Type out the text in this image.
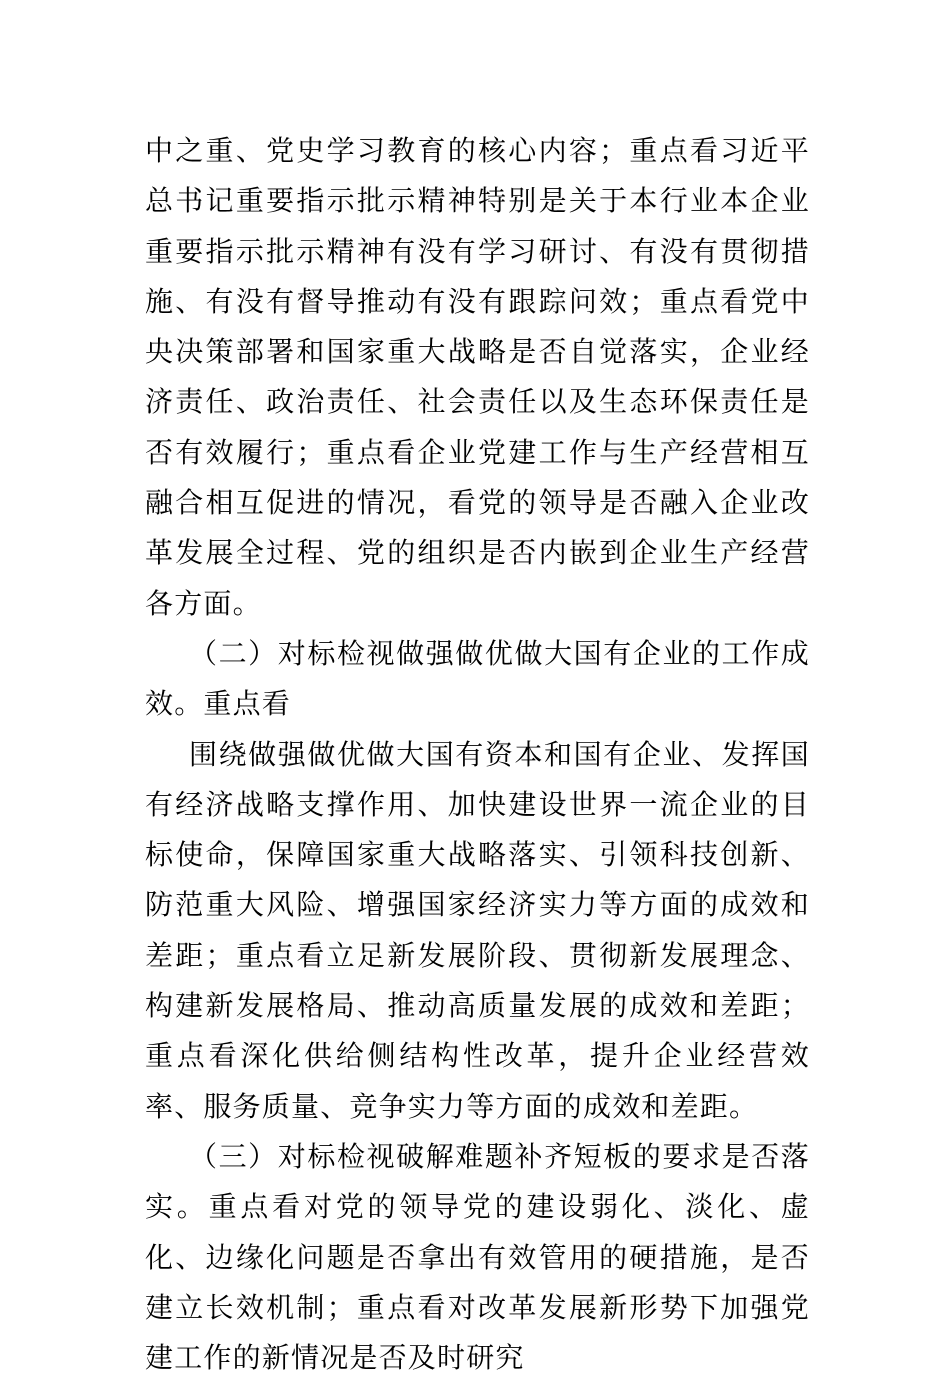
中之重、党史学习教育的核心内容；重点看习近平总书记重要指示批示精神特别是关于本行业本企业重要指示批示精神有没有学习研讨、有没有贯彻措施、有没有督导推动有没有跟踪问效；重点看党中央决策部署和国家重大战略是否自觉落实，企业经济责任、政治责任、社会责任以及生态环保责任是否有效履行；重点看企业党建工作与生产经营相互融合相互促进的情况，看党的领导是否融入企业改革发展全过程、党的组织是否内嵌到企业生产经营各方面。

（二）对标检视做强做优做大国有企业的工作成效。重点看

围绕做强做优做大国有资本和国有企业、发挥国有经济战略支撑作用、加快建设世界一流企业的目标使命，保障国家重大战略落实、引领科技创新、防范重大风险、增强国家经济实力等方面的成效和差距；重点看立足新发展阶段、贯彻新发展理念、构建新发展格局、推动高质量发展的成效和差距；重点看深化供给侧结构性改革，提升企业经营效率、服务质量、竞争实力等方面的成效和差距。

（三）对标检视破解难题补齐短板的要求是否落实。重点看对党的领导党的建设弱化、淡化、虚化、边缘化问题是否拿出有效管用的硬措施，是否建立长效机制；重点看对改革发展新形势下加强党建工作的新情况是否及时研究
